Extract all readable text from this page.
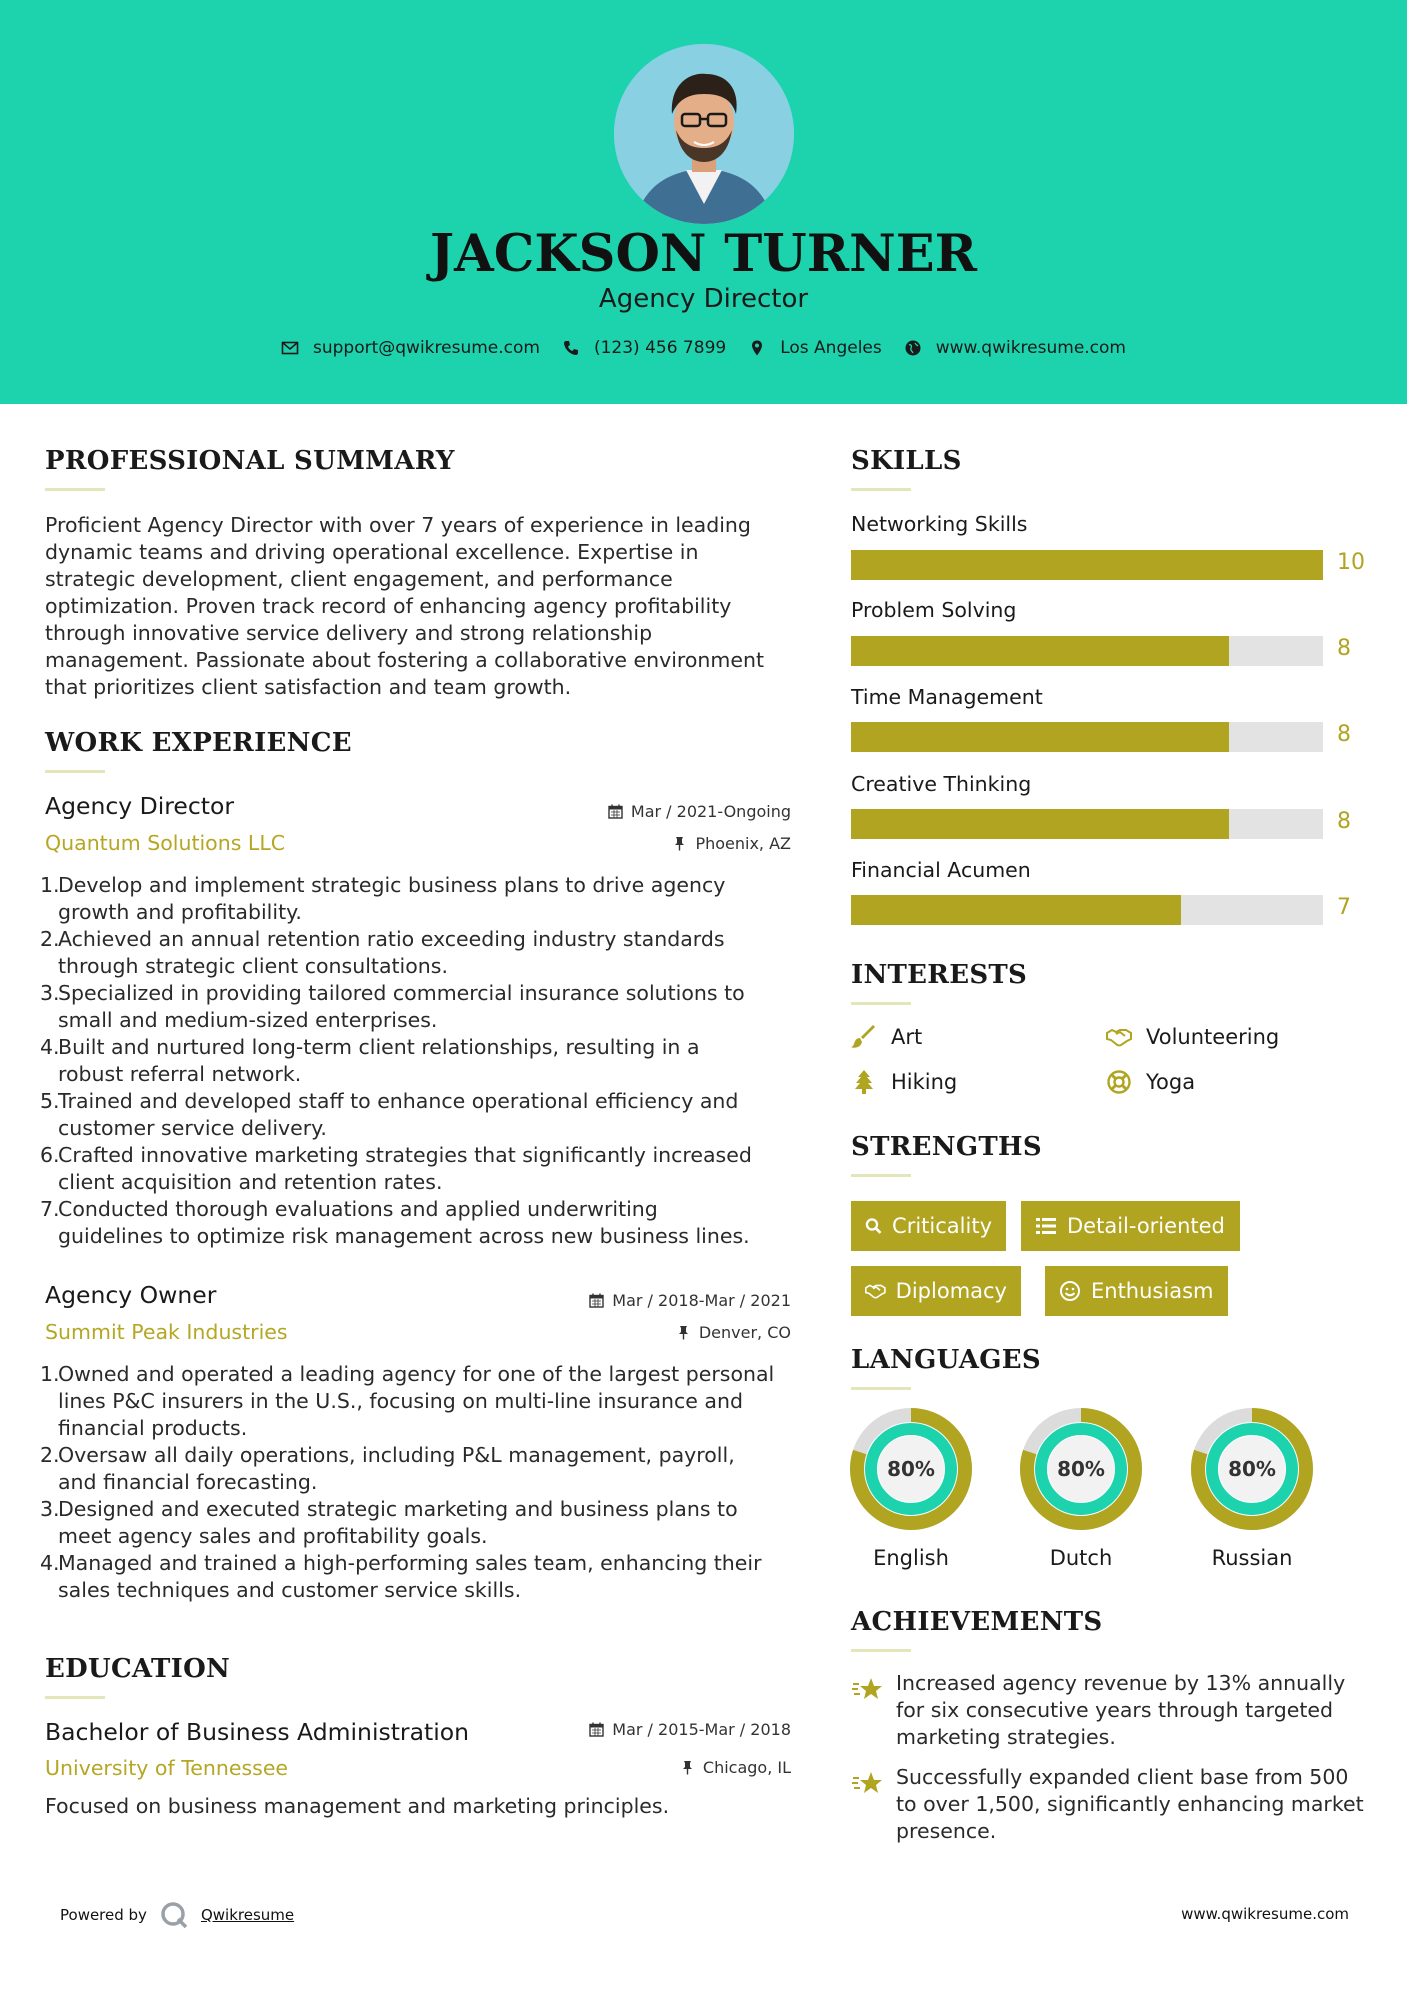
JACKSON TURNER
Agency Director
support@qwikresume.com	(123) 456 7899	Los Angeles	www.qwikresume.com
PROFESSIONAL SUMMARY
Proficient Agency Director with over 7 years of experience in leading
dynamic teams and driving operational excellence. Expertise in
strategic development, client engagement, and performance
optimization. Proven track record of enhancing agency profitability
through innovative service delivery and strong relationship
management. Passionate about fostering a collaborative environment
that prioritizes client satisfaction and team growth.
WORK EXPERIENCE
Agency Director	Mar / 2021-Ongoing
Quantum Solutions LLC	Phoenix, AZ
1.
Develop and implement strategic business plans to drive agency
growth and profitability.
2.
Achieved an annual retention ratio exceeding industry standards
through strategic client consultations.
3.
Specialized in providing tailored commercial insurance solutions to
small and medium-sized enterprises.
4.
Built and nurtured long-term client relationships, resulting in a
robust referral network.
5.
Trained and developed staff to enhance operational efficiency and
customer service delivery.
6.
Crafted innovative marketing strategies that significantly increased
client acquisition and retention rates.
7.
Conducted thorough evaluations and applied underwriting
guidelines to optimize risk management across new business lines.
Agency Owner	Mar / 2018-Mar / 2021
Summit Peak Industries	Denver, CO
1.
Owned and operated a leading agency for one of the largest personal
lines P&C insurers in the U.S., focusing on multi-line insurance and
financial products.
2.
Oversaw all daily operations, including P&L management, payroll,
and financial forecasting.
3.
Designed and executed strategic marketing and business plans to
meet agency sales and profitability goals.
4.
Managed and trained a high-performing sales team, enhancing their
sales techniques and customer service skills.
EDUCATION
Bachelor of Business Administration	Mar / 2015-Mar / 2018
University of Tennessee	Chicago, IL
Focused on business management and marketing principles.
SKILLS
Networking Skills
10
Problem Solving
8
Time Management
8
Creative Thinking
8
Financial Acumen
7
INTERESTS
Art	Volunteering
Hiking	Yoga
STRENGTHS
Criticality	Detail-oriented
Diplomacy	Enthusiasm
LANGUAGES
80%
English
80%
Dutch
80%
Russian
ACHIEVEMENTS
Increased agency revenue by 13% annually
for six consecutive years through targeted
marketing strategies.
Successfully expanded client base from 500
to over 1,500, significantly enhancing market
presence.
Powered by	Qwikresume	www.qwikresume.com
